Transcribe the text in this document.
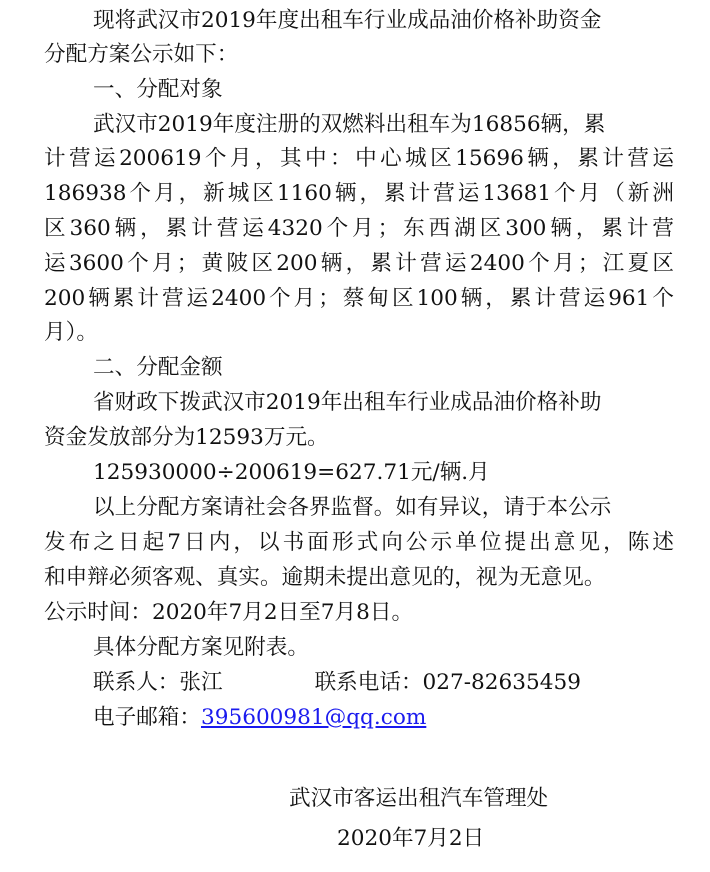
现将武汉市2019年度出租车行业成品油价格补助资金
分配方案公示如下：
一、分配对象
武汉市2019年度注册的双燃料出租车为16856辆，累
计营运200619个月，其中：中心城区15696辆，累计营运
186938个月，新城区1160辆，累计营运13681个月（新洲
区360辆，累计营运4320个月；东西湖区300辆，累计营
运3600个月；黄陂区200辆，累计营运2400个月；江夏区
200辆累计营运2400个月；蔡甸区100辆，累计营运961个
月）。
二、分配金额
省财政下拨武汉市2019年出租车行业成品油价格补助
资金发放部分为12593万元。
125930000÷200619=627.71元/辆.月
以上分配方案请社会各界监督。如有异议，请于本公示
发布之日起7日内，以书面形式向公示单位提出意见，陈述
和申辩必须客观、真实。逾期未提出意见的，视为无意见。
公示时间：2020年7月2日至7月8日。
具体分配方案见附表。
联系人：张江	联系电话：027-82635459
电子邮箱：395600981@qq.com
武汉市客运出租汽车管理处
2020年7月2日
